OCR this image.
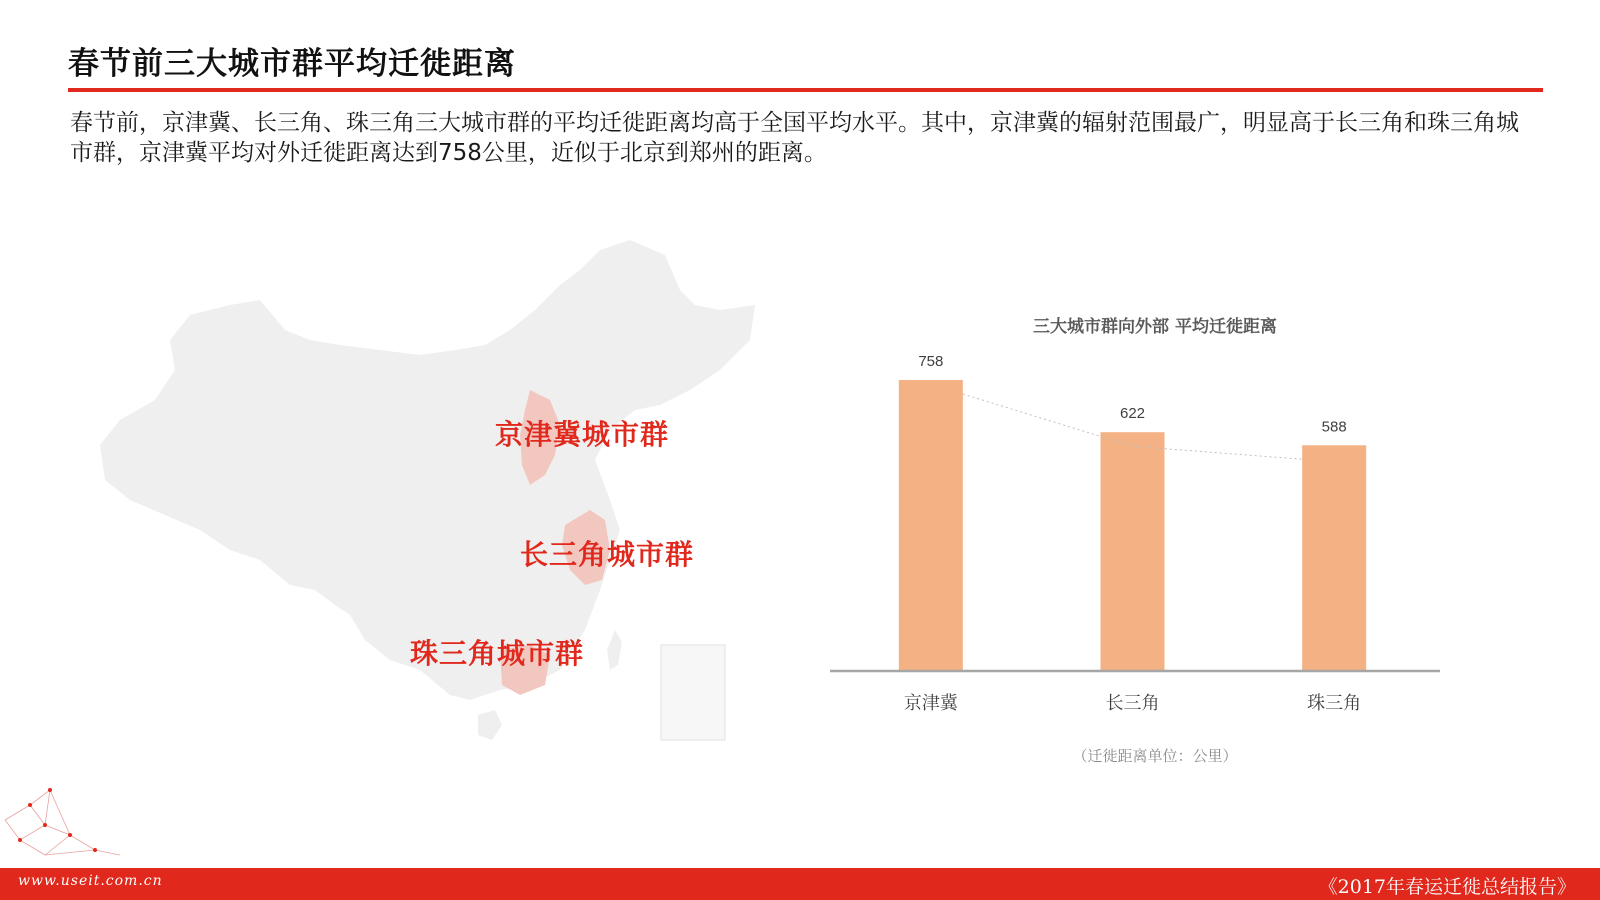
春节前三大城市群平均迁徙距离
春节前，京津冀、长三角、珠三角三大城市群的平均迁徙距离均高于全国平均水平。其中，京津冀的辐射范围最广，明显高于长三角和珠三角城市群，京津冀平均对外迁徙距离达到758公里，近似于北京到郑州的距离。
京津冀城市群
长三角城市群
珠三角城市群
三大城市群向外部 平均迁徙距离
758
京津冀
622
长三角
588
珠三角
（迁徙距离单位：公里）
www.useit.com.cn	《2017年春运迁徙总结报告》
